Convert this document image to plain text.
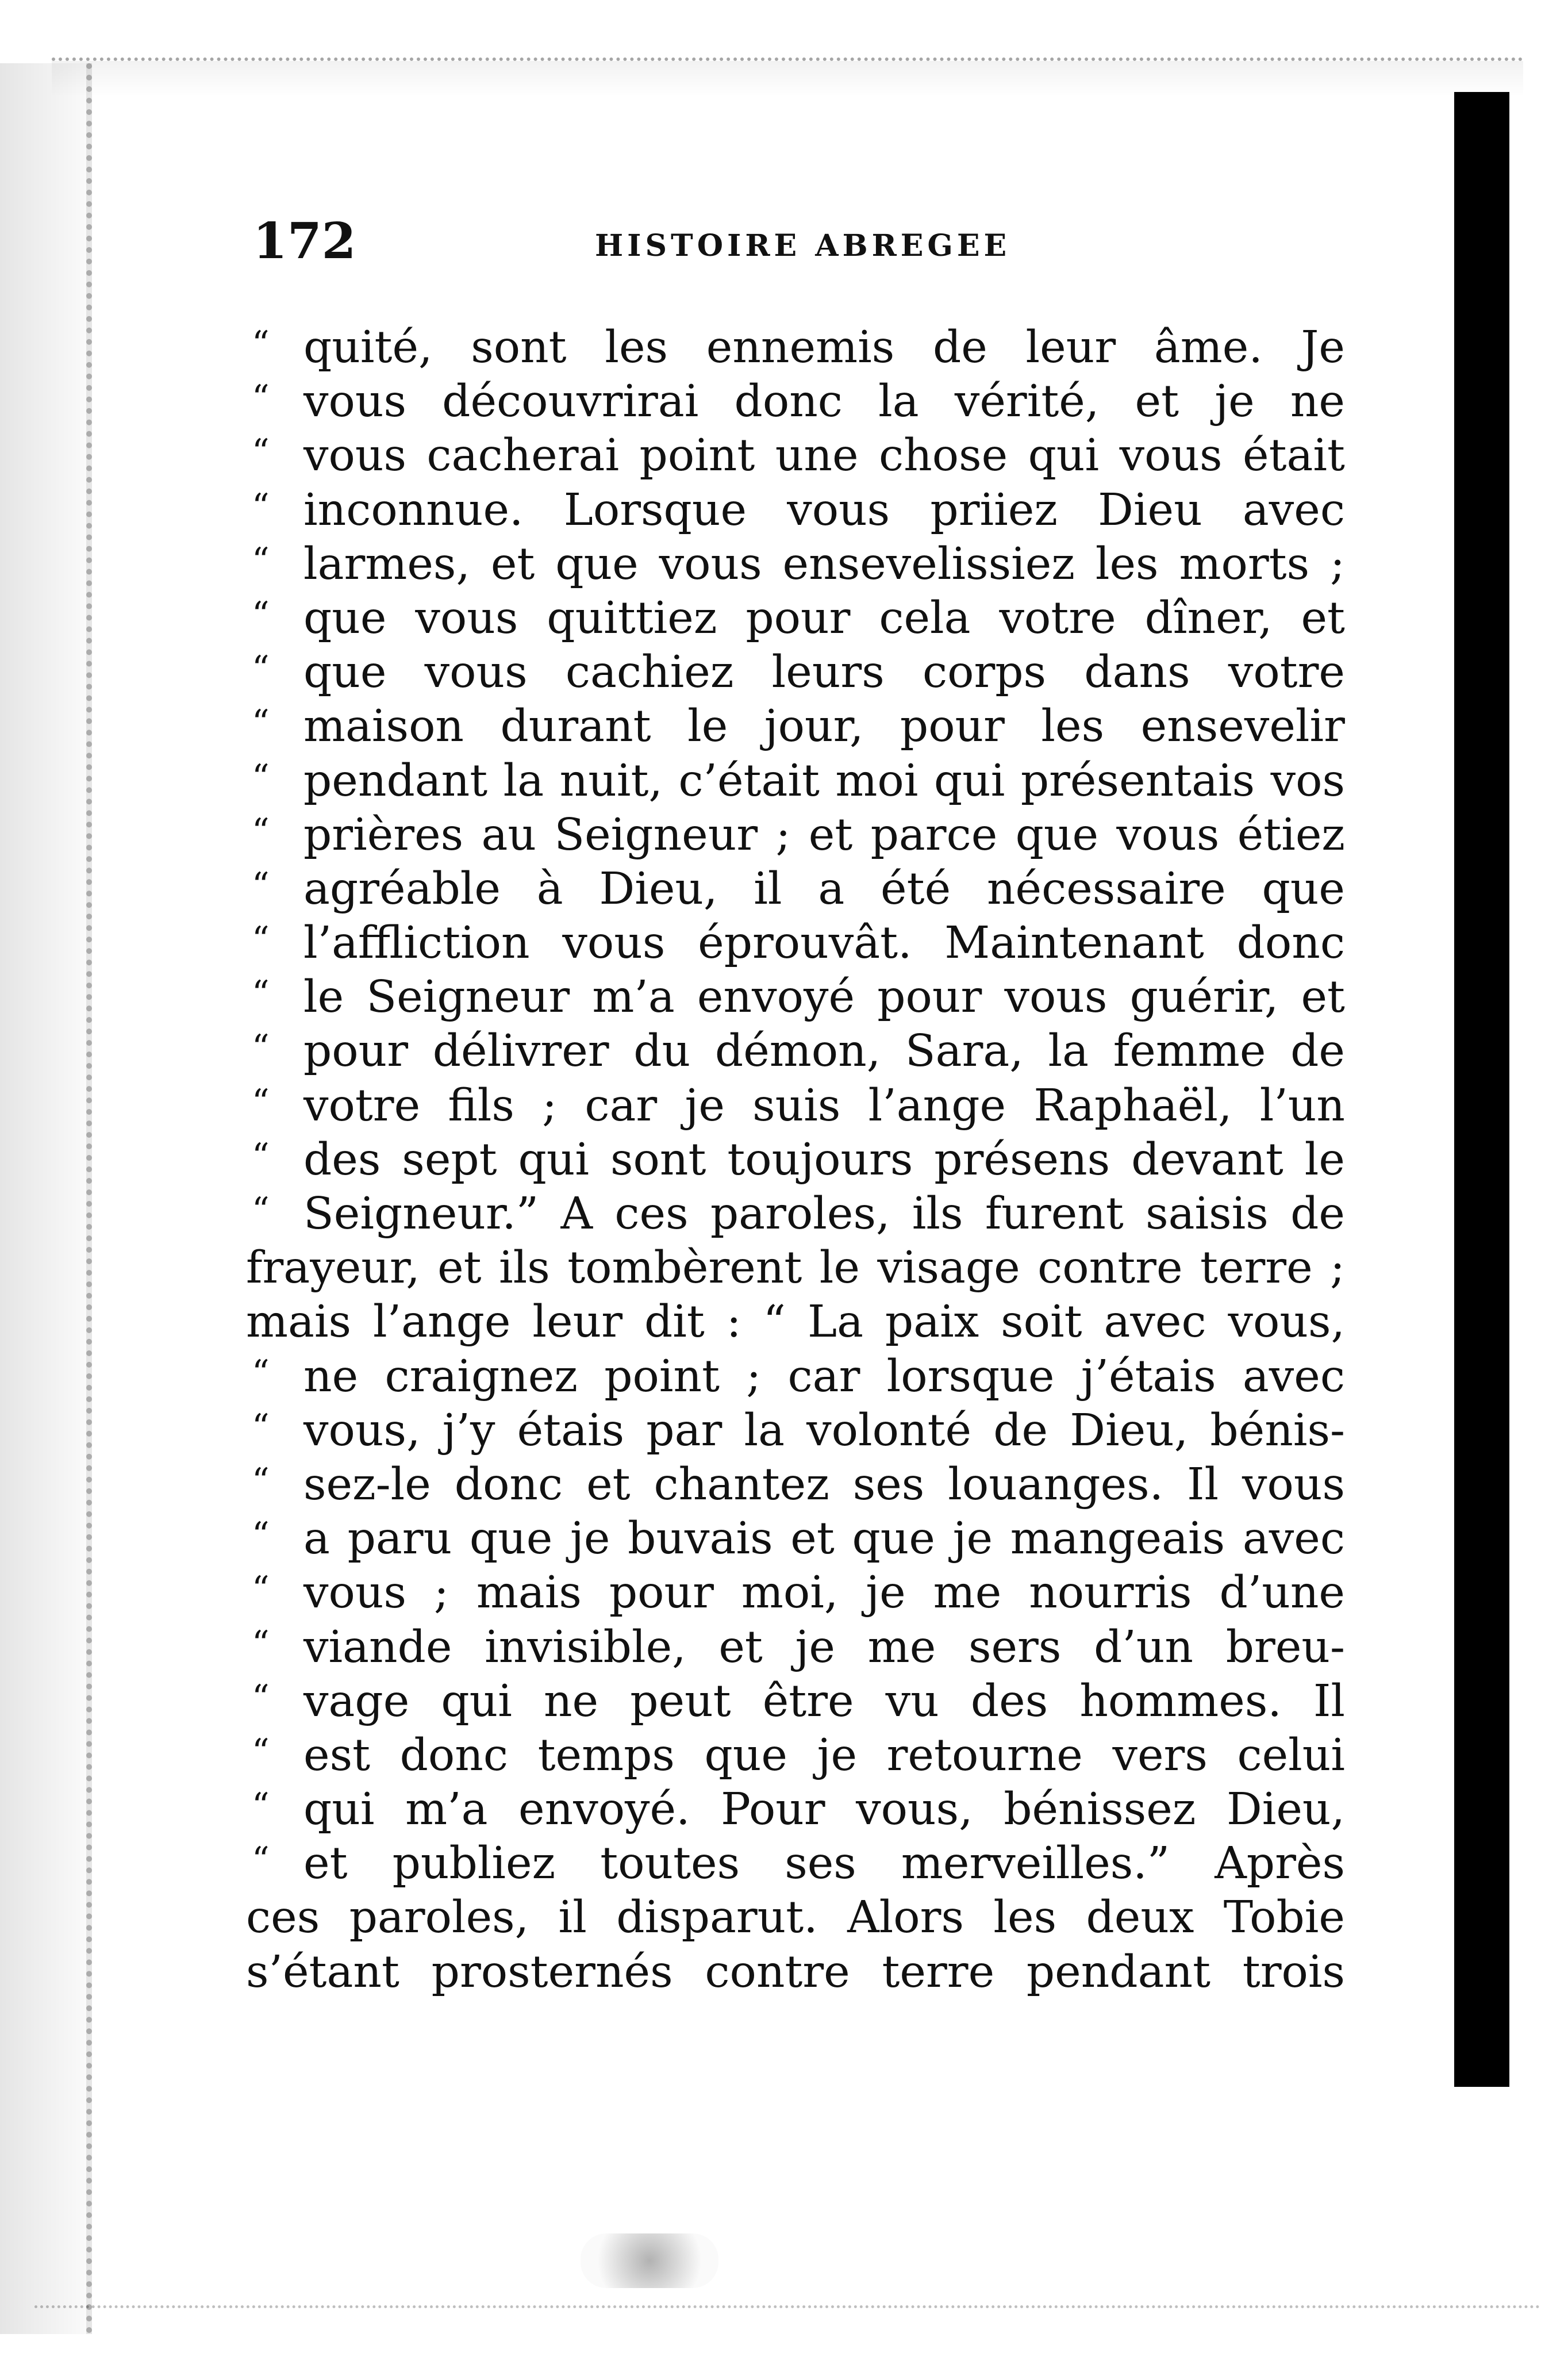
172	HISTOIRE ABREGEE
“ quité, sont les ennemis de leur âme. Je
“ vous découvrirai donc la vérité, et je ne
“ vous cacherai point une chose qui vous était
“ inconnue. Lorsque vous priiez Dieu avec
“ larmes, et que vous ensevelissiez les morts ;
“ que vous quittiez pour cela votre dîner, et
“ que vous cachiez leurs corps dans votre
“ maison durant le jour, pour les ensevelir
“ pendant la nuit, c’était moi qui présentais vos
“ prières au Seigneur ; et parce que vous étiez
“ agréable à Dieu, il a été nécessaire que
“ l’affliction vous éprouvât. Maintenant donc
“ le Seigneur m’a envoyé pour vous guérir, et
“ pour délivrer du démon, Sara, la femme de
“ votre fils ; car je suis l’ange Raphaël, l’un
“ des sept qui sont toujours présens devant le
“ Seigneur.” A ces paroles, ils furent saisis de
frayeur, et ils tombèrent le visage contre terre ;
mais l’ange leur dit : “ La paix soit avec vous,
“ ne craignez point ; car lorsque j’étais avec
“ vous, j’y étais par la volonté de Dieu, bénis-
“ sez-le donc et chantez ses louanges. Il vous
“ a paru que je buvais et que je mangeais avec
“ vous ; mais pour moi, je me nourris d’une
“ viande invisible, et je me sers d’un breu-
“ vage qui ne peut être vu des hommes. Il
“ est donc temps que je retourne vers celui
“ qui m’a envoyé. Pour vous, bénissez Dieu,
“ et publiez toutes ses merveilles.” Après
ces paroles, il disparut. Alors les deux Tobie
s’étant prosternés contre terre pendant trois
